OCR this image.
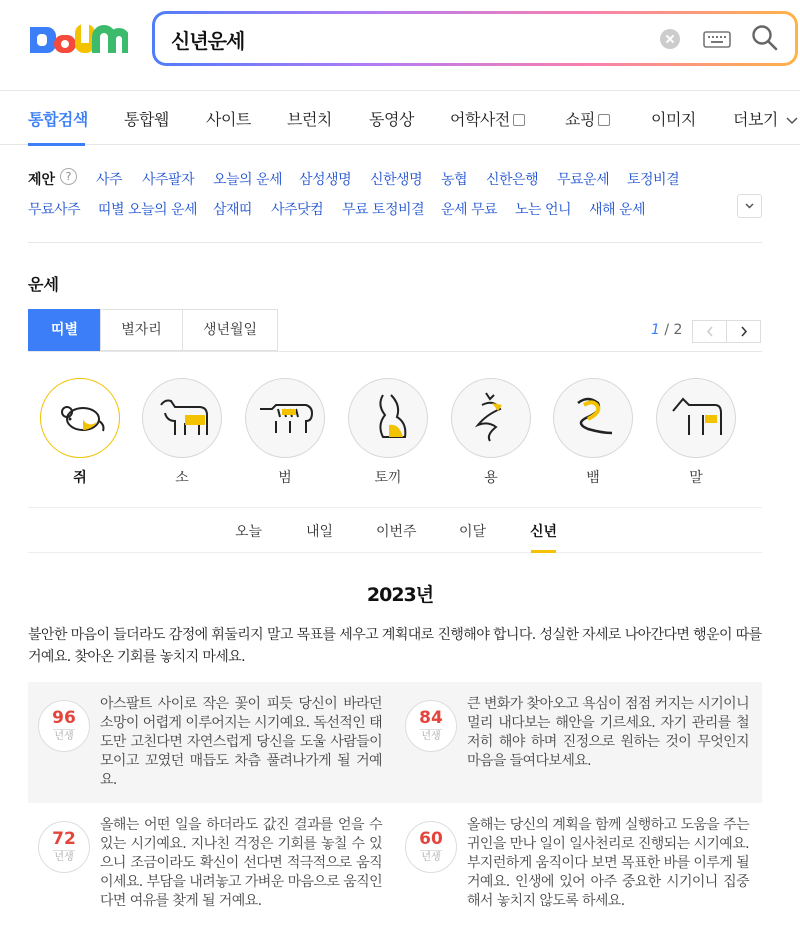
신년운세
통합검색 통합웹 사이트 브런치 동영상 어학사전	쇼핑	이미지 더보기
제안 ?	사주 사주팔자 오늘의 운세 삼성생명 신한생명 농협 신한은행 무료운세 토정비결
무료사주 띠별 오늘의 운세 삼재띠 사주닷컴 무료 토정비결 운세 무료 노는 언니 새해 운세
운세
띠별	별자리	생년월일	1 / 2
쥐	소	범	토끼	용	뱀	말
오늘	내일	이번주	이달	신년
2023년
불안한 마음이 들더라도 감정에 휘둘리지 말고 목표를 세우고 계획대로 진행해야 합니다. 성실한 자세로 나아간다면 행운이 따를 거예요. 찾아온 기회를 놓치지 마세요.
96
년생
아스팔트 사이로 작은 꽃이 피듯 당신이 바라던 소망이 어렵게 이루어지는 시기예요. 독선적인 태도만 고친다면 자연스럽게 당신을 도울 사람들이 모이고 꼬였던 매듭도 차츰 풀려나가게 될 거예요.
84
년생
큰 변화가 찾아오고 욕심이 점점 커지는 시기이니 멀리 내다보는 해안을 기르세요. 자기 관리를 철저히 해야 하며 진정으로 원하는 것이 무엇인지 마음을 들여다보세요.
72
년생
올해는 어떤 일을 하더라도 값진 결과를 얻을 수 있는 시기예요. 지나친 걱정은 기회를 놓칠 수 있으니 조금이라도 확신이 선다면 적극적으로 움직이세요. 부담을 내려놓고 가벼운 마음으로 움직인다면 여유를 찾게 될 거예요.
60
년생
올해는 당신의 계획을 함께 실행하고 도움을 주는 귀인을 만나 일이 일사천리로 진행되는 시기예요. 부지런하게 움직이다 보면 목표한 바를 이루게 될 거예요. 인생에 있어 아주 중요한 시기이니 집중해서 놓치지 않도록 하세요.
